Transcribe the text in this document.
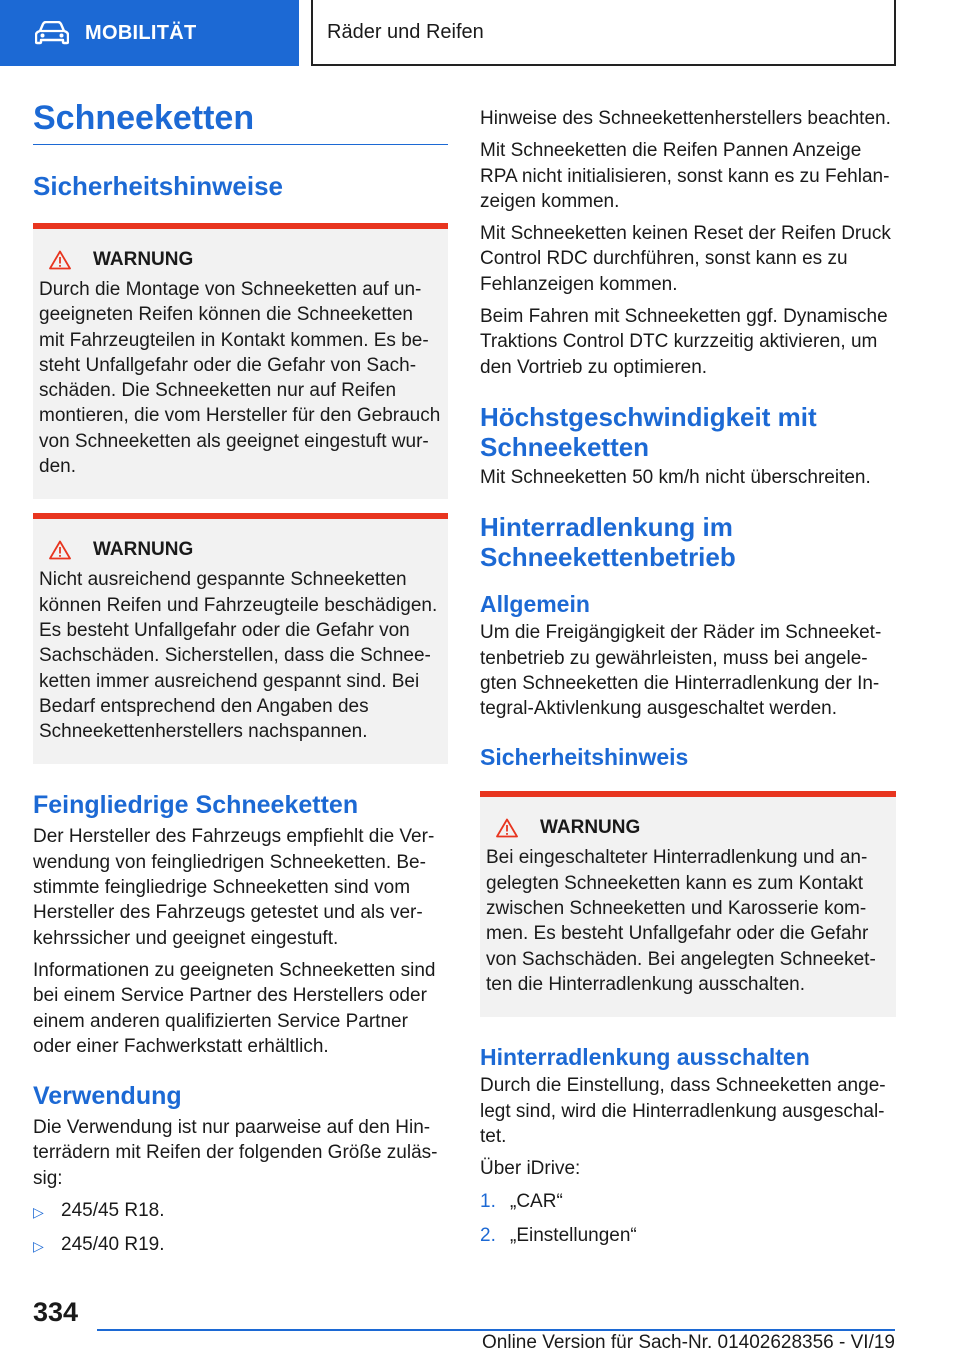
MOBILITÄT	Räder und Reifen
Schneeketten
Sicherheitshinweise
WARNUNG

Durch die Montage von Schneeketten auf un-
geeigneten Reifen können die Schneeketten
mit Fahrzeugteilen in Kontakt kommen. Es be-
steht Unfallgefahr oder die Gefahr von Sach-
schäden. Die Schneeketten nur auf Reifen
montieren, die vom Hersteller für den Gebrauch
von Schneeketten als geeignet eingestuft wur-
den.

WARNUNG

Nicht ausreichend gespannte Schneeketten
können Reifen und Fahrzeugteile beschädigen.
Es besteht Unfallgefahr oder die Gefahr von
Sachschäden. Sicherstellen, dass die Schnee-
ketten immer ausreichend gespannt sind. Bei
Bedarf entsprechend den Angaben des
Schneekettenherstellers nachspannen.

Feingliedrige Schneeketten

Der Hersteller des Fahrzeugs empfiehlt die Ver-
wendung von feingliedrigen Schneeketten. Be-
stimmte feingliedrige Schneeketten sind vom
Hersteller des Fahrzeugs getestet und als ver-
kehrssicher und geeignet eingestuft.

Informationen zu geeigneten Schneeketten sind
bei einem Service Partner des Herstellers oder
einem anderen qualifizierten Service Partner
oder einer Fachwerkstatt erhältlich.

Verwendung

Die Verwendung ist nur paarweise auf den Hin-
terrädern mit Reifen der folgenden Größe zuläs-
sig:

▷ 245/45 R18.
▷ 245/40 R19.

Hinweise des Schneekettenherstellers beachten.

Mit Schneeketten die Reifen Pannen Anzeige
RPA nicht initialisieren, sonst kann es zu Fehlan-
zeigen kommen.

Mit Schneeketten keinen Reset der Reifen Druck
Control RDC durchführen, sonst kann es zu
Fehlanzeigen kommen.

Beim Fahren mit Schneeketten ggf. Dynamische
Traktions Control DTC kurzzeitig aktivieren, um
den Vortrieb zu optimieren.

Höchstgeschwindigkeit mit
Schneeketten

Mit Schneeketten 50 km/h nicht überschreiten.

Hinterradlenkung im
Schneekettenbetrieb
Allgemein

Um die Freigängigkeit der Räder im Schneeket-
tenbetrieb zu gewährleisten, muss bei angele-
gten Schneeketten die Hinterradlenkung der In-
tegral-Aktivlenkung ausgeschaltet werden.

Sicherheitshinweis
WARNUNG

Bei eingeschalteter Hinterradlenkung und an-
gelegten Schneeketten kann es zum Kontakt
zwischen Schneeketten und Karosserie kom-
men. Es besteht Unfallgefahr oder die Gefahr
von Sachschäden. Bei angelegten Schneeket-
ten die Hinterradlenkung ausschalten.

Hinterradlenkung ausschalten

Durch die Einstellung, dass Schneeketten ange-
legt sind, wird die Hinterradlenkung ausgeschal-
tet.

Über iDrive:

1. „CAR“
2. „Einstellungen“
334
Online Version für Sach-Nr. 01402628356 - VI/19
